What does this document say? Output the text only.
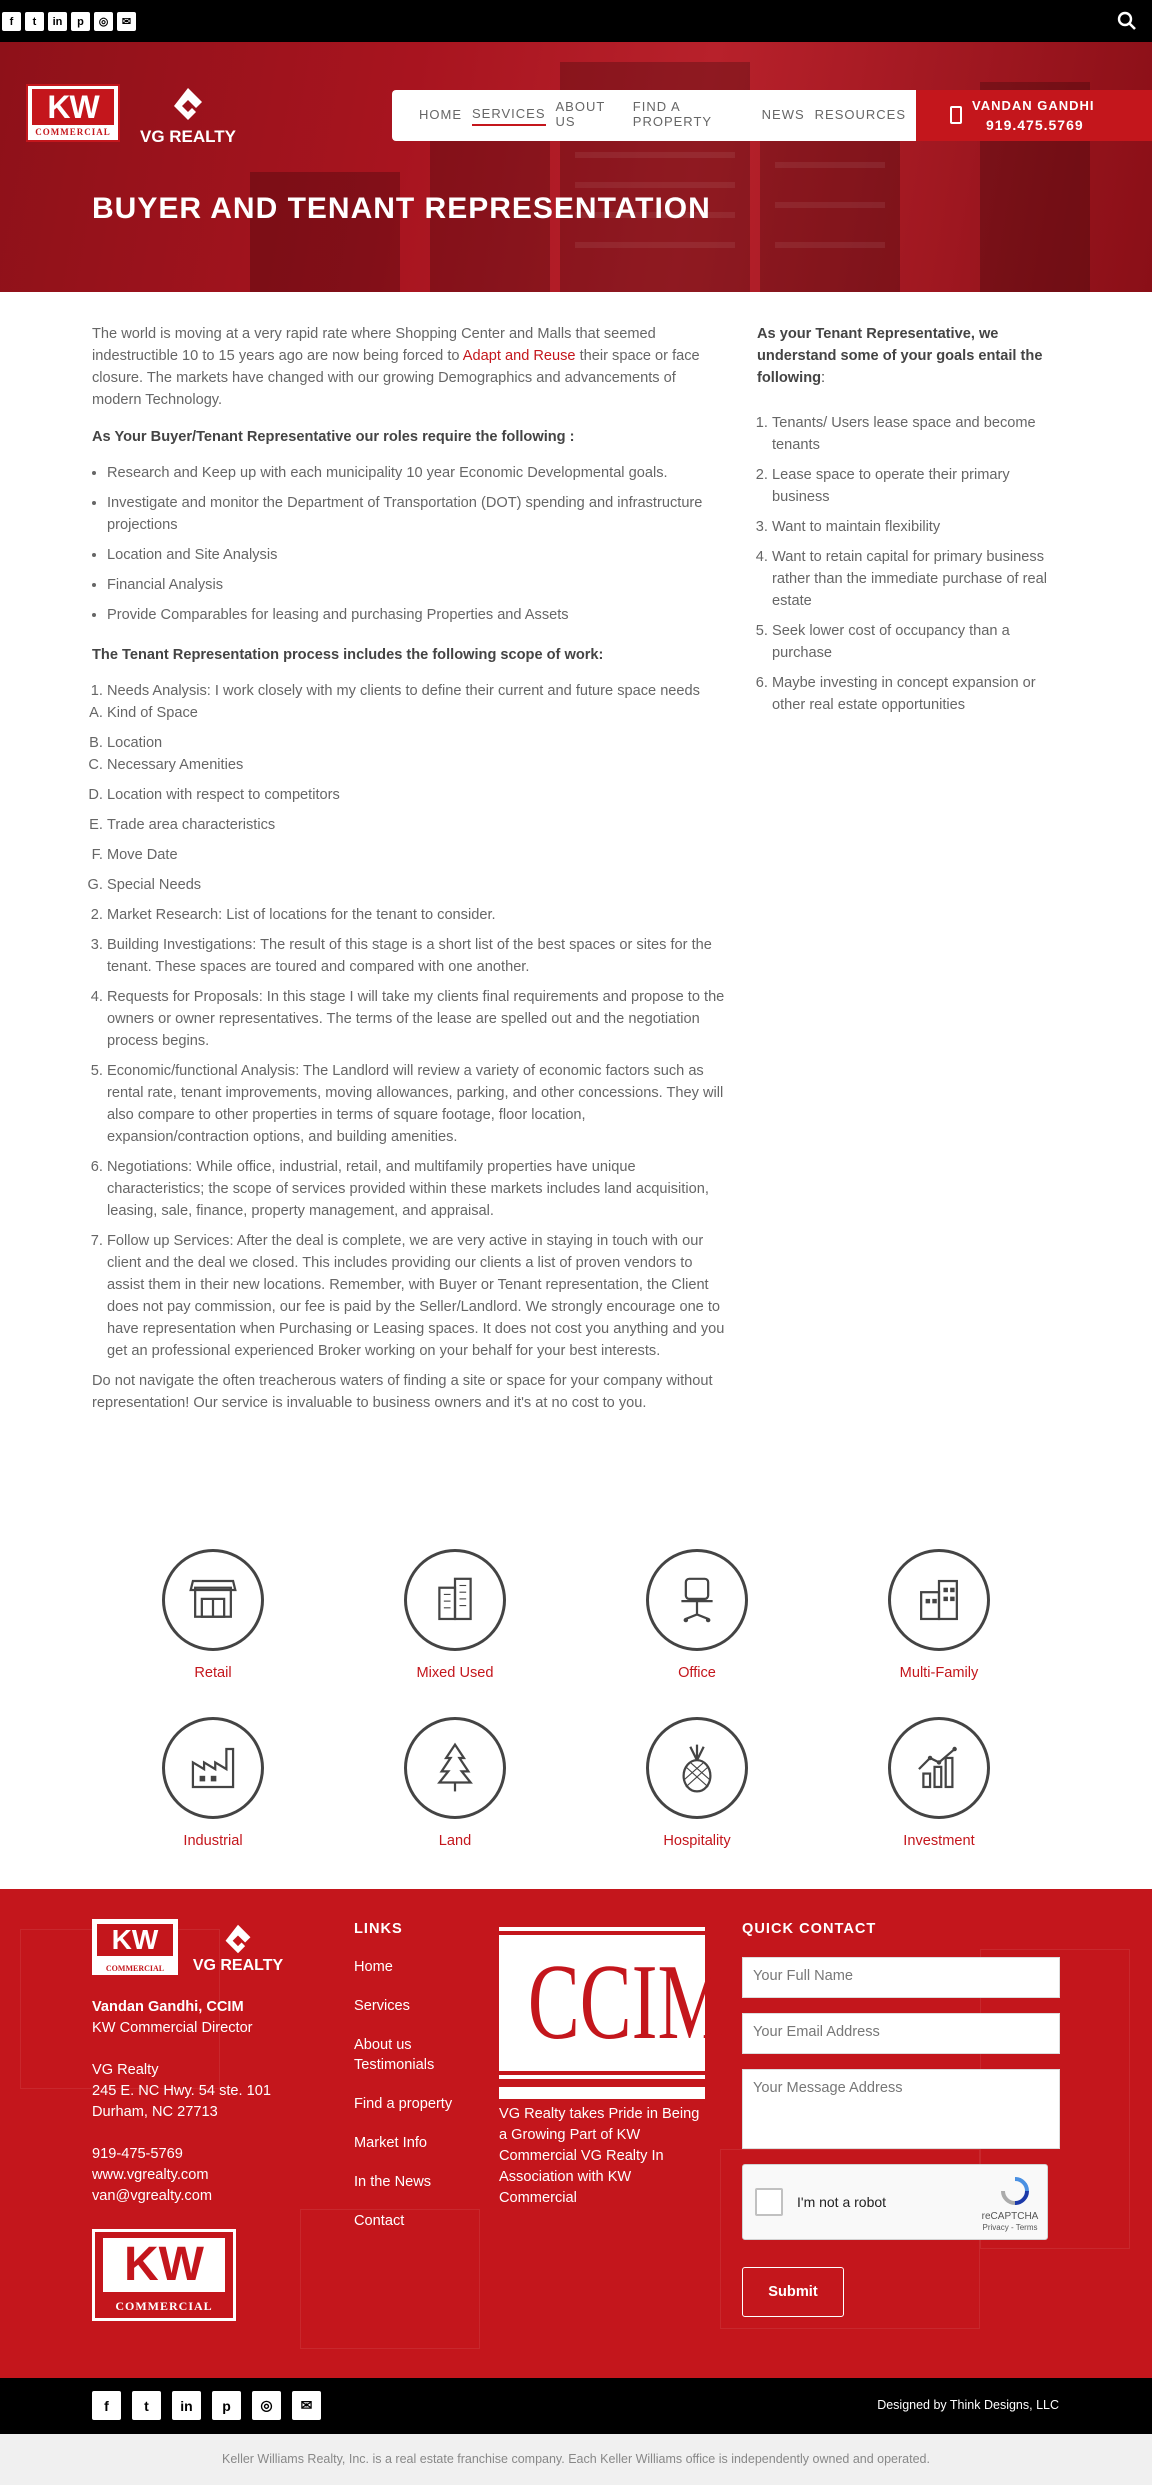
f	t	in	p	◎	✉
KW
COMMERCIAL	VG REALTY
HOME SERVICES ABOUT US
FIND A PROPERTY	NEWS RESOURCES
VANDAN GANDHI
919.475.5769
BUYER AND TENANT REPRESENTATION

The world is moving at a very rapid rate where Shopping Center and Malls that seemed indestructible 10 to 15 years ago are now being forced to Adapt and Reuse their space or face closure. The markets have changed with our growing Demographics and advancements of modern Technology.

As Your Buyer/Tenant Representative our roles require the following :
• Research and Keep up with each municipality 10 year Economic Developmental goals.
• Investigate and monitor the Department of Transportation (DOT) spending and infrastructure projections
• Location and Site Analysis
• Financial Analysis
• Provide Comparables for leasing and purchasing Properties and Assets
The Tenant Representation process includes the following scope of work:
1. Needs Analysis: I work closely with my clients to define their current and future space needs
A. Kind of Space
B. Location
C. Necessary Amenities
D. Location with respect to competitors
E. Trade area characteristics
F. Move Date
G. Special Needs
2. Market Research: List of locations for the tenant to consider.
3. Building Investigations: The result of this stage is a short list of the best spaces or sites for the tenant. These spaces are toured and compared with one another.
4. Requests for Proposals: In this stage I will take my clients final requirements and propose to the owners or owner representatives. The terms of the lease are spelled out and the negotiation process begins.
5. Economic/functional Analysis: The Landlord will review a variety of economic factors such as rental rate, tenant improvements, moving allowances, parking, and other concessions. They will also compare to other properties in terms of square footage, floor location, expansion/contraction options, and building amenities.
6. Negotiations: While office, industrial, retail, and multifamily properties have unique characteristics; the scope of services provided within these markets includes land acquisition, leasing, sale, finance, property management, and appraisal.
7. Follow up Services: After the deal is complete, we are very active in staying in touch with our client and the deal we closed. This includes providing our clients a list of proven vendors to assist them in their new locations. Remember, with Buyer or Tenant representation, the Client does not pay commission, our fee is paid by the Seller/Landlord. We strongly encourage one to have representation when Purchasing or Leasing spaces. It does not cost you anything and you get an professional experienced Broker working on your behalf for your best interests.

Do not navigate the often treacherous waters of finding a site or space for your company without representation! Our service is invaluable to business owners and it's at no cost to you.

As your Tenant Representative, we understand some of your goals entail the following:
1. Tenants/ Users lease space and become tenants
2. Lease space to operate their primary business
3. Want to maintain flexibility
4. Want to retain capital for primary business rather than the immediate purchase of real estate
5. Seek lower cost of occupancy than a purchase
6. Maybe investing in concept expansion or other real estate opportunities
Retail	Mixed Used	Office	Multi-Family
Industrial	Land	Hospitality	Investment
KW
COMMERCIAL	VG REALTY
Vandan Gandhi, CCIM
KW Commercial Director
VG Realty
245 E. NC Hwy. 54 ste. 101
Durham, NC 27713
919-475-5769
www.vgrealty.com
van@vgrealty.com
KW
COMMERCIAL
LINKS
Home
Services
About us
Testimonials
Find a property
Market Info
In the News
Contact
CCIM
VG Realty takes Pride in Being a Growing Part of KW Commercial VG Realty In Association with KW Commercial
QUICK CONTACT
Your Full Name
Your Email Address
Your Message Address
I'm not a robot
reCAPTCHA
Privacy - Terms
Submit
f	t	in	p	◎	✉	Designed by Think Designs, LLC
Keller Williams Realty, Inc. is a real estate franchise company. Each Keller Williams office is independently owned and operated.
